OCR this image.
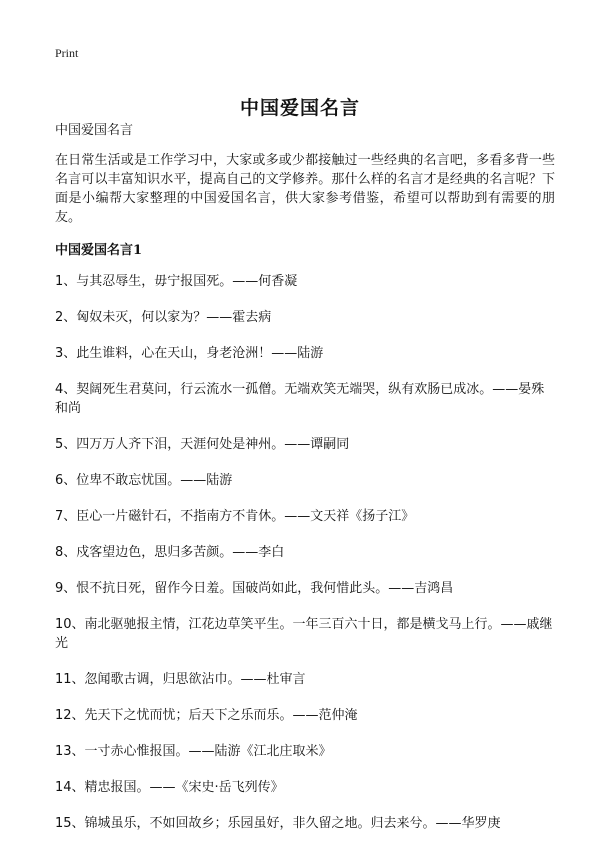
Print
中国爱国名言
中国爱国名言

在日常生活或是工作学习中，大家或多或少都接触过一些经典的名言吧，多看多背一些名言可以丰富知识水平，提高自己的文学修养。那什么样的名言才是经典的名言呢？下面是小编帮大家整理的中国爱国名言，供大家参考借鉴，希望可以帮助到有需要的朋友。

中国爱国名言1
1、与其忍辱生，毋宁报国死。——何香凝
2、匈奴未灭，何以家为？——霍去病
3、此生谁料，心在天山，身老沧洲！——陆游
4、契阔死生君莫问，行云流水一孤僧。无端欢笑无端哭，纵有欢肠已成冰。——晏殊和尚
5、四万万人齐下泪，天涯何处是神州。——谭嗣同
6、位卑不敢忘忧国。——陆游
7、臣心一片磁针石，不指南方不肯休。——文天祥《扬子江》
8、戍客望边色，思归多苦颜。——李白
9、恨不抗日死，留作今日羞。国破尚如此，我何惜此头。——吉鸿昌
10、南北驱驰报主情，江花边草笑平生。一年三百六十日，都是横戈马上行。——戚继光
11、忽闻歌古调，归思欲沾巾。——杜审言
12、先天下之忧而忧；后天下之乐而乐。——范仲淹
13、一寸赤心惟报国。——陆游《江北庄取米》
14、精忠报国。——《宋史·岳飞列传》
15、锦城虽乐，不如回故乡；乐园虽好，非久留之地。归去来兮。——华罗庚
